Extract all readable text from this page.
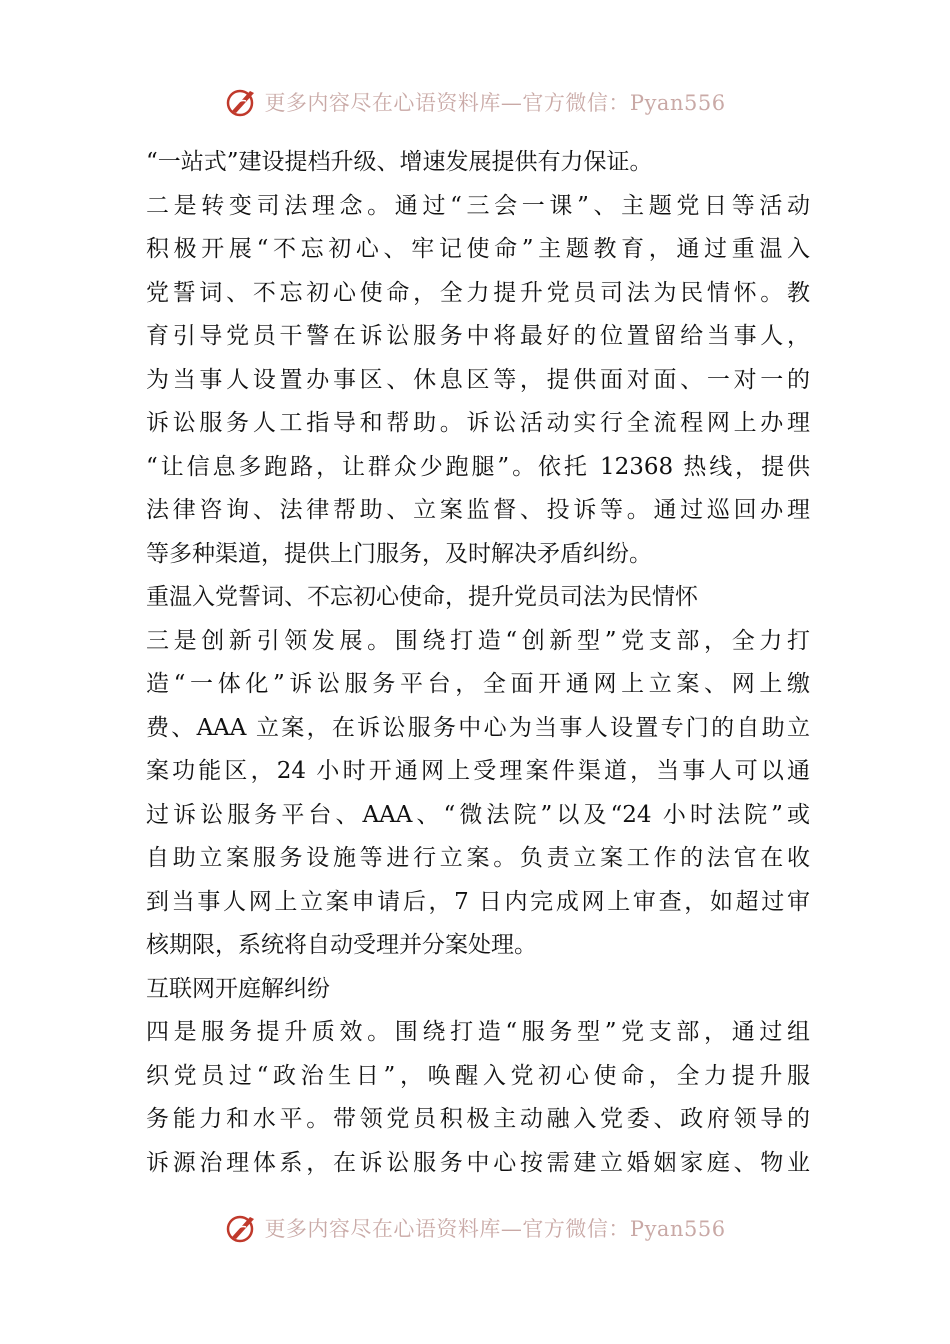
更多内容尽在心语资料库—官方微信：Pyan556
“一站式”建设提档升级、增速发展提供有力保证。
二是转变司法理念。通过“三会一课”、主题党日等活动
积极开展“不忘初心、牢记使命”主题教育，通过重温入
党誓词、不忘初心使命，全力提升党员司法为民情怀。教
育引导党员干警在诉讼服务中将最好的位置留给当事人，
为当事人设置办事区、休息区等，提供面对面、一对一的
诉讼服务人工指导和帮助。诉讼活动实行全流程网上办理
“让信息多跑路，让群众少跑腿”。依托 12368 热线，提供
法律咨询、法律帮助、立案监督、投诉等。通过巡回办理
等多种渠道，提供上门服务，及时解决矛盾纠纷。
重温入党誓词、不忘初心使命，提升党员司法为民情怀
三是创新引领发展。围绕打造“创新型”党支部，全力打
造“一体化”诉讼服务平台，全面开通网上立案、网上缴
费、AAA 立案，在诉讼服务中心为当事人设置专门的自助立
案功能区，24 小时开通网上受理案件渠道，当事人可以通
过诉讼服务平台、AAA、“微法院”以及“24 小时法院”或
自助立案服务设施等进行立案。负责立案工作的法官在收
到当事人网上立案申请后，7 日内完成网上审查，如超过审
核期限，系统将自动受理并分案处理。
互联网开庭解纠纷
四是服务提升质效。围绕打造“服务型”党支部，通过组
织党员过“政治生日”，唤醒入党初心使命，全力提升服
务能力和水平。带领党员积极主动融入党委、政府领导的
诉源治理体系，在诉讼服务中心按需建立婚姻家庭、物业
更多内容尽在心语资料库—官方微信：Pyan556
